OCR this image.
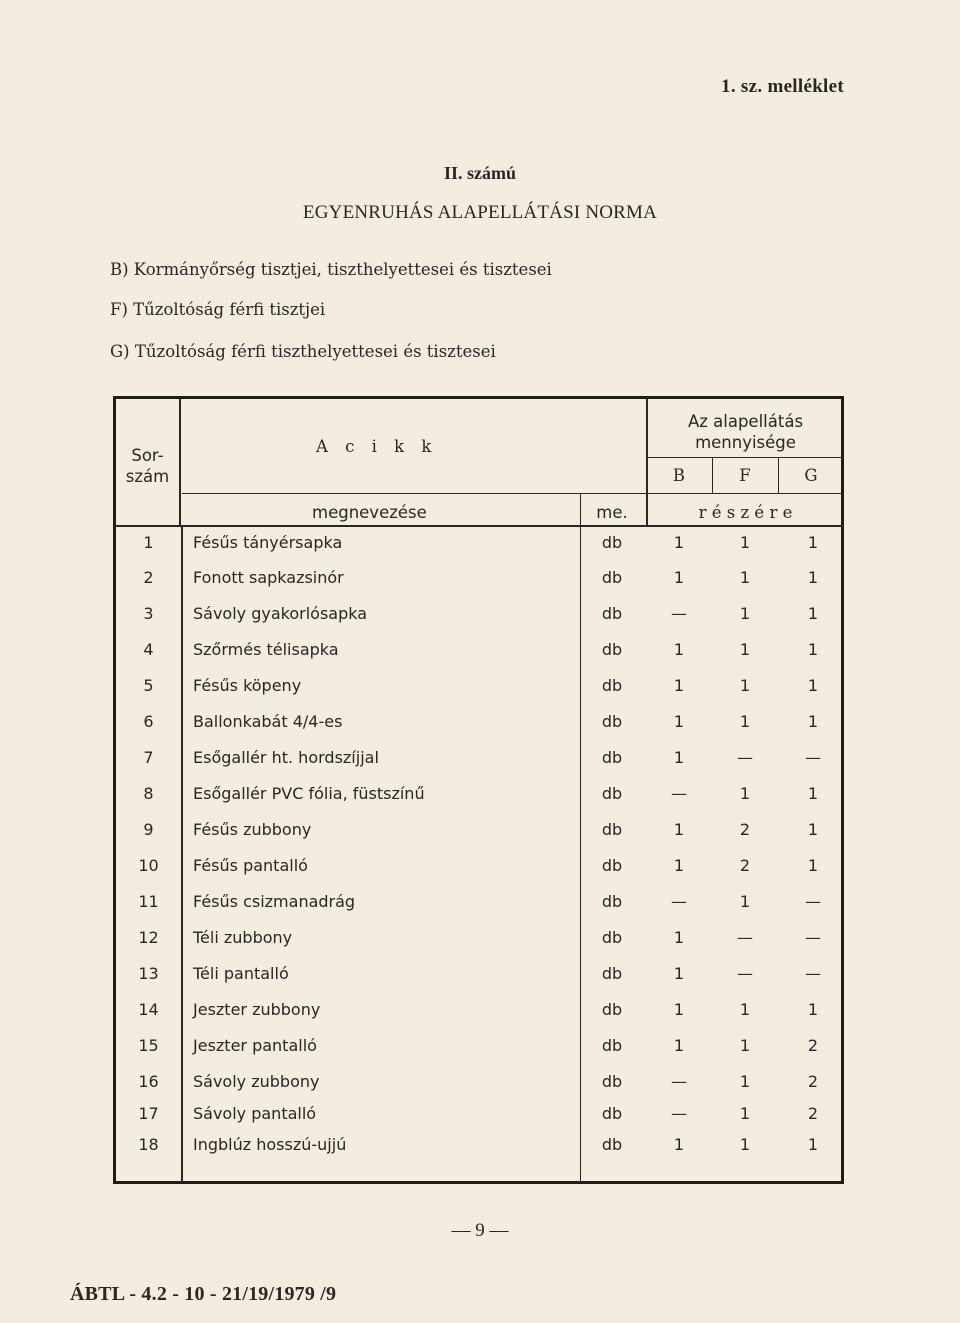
1. sz. melléklet
II. számú
EGYENRUHÁS ALAPELLÁTÁSI NORMA
B) Kormányőrség tisztjei, tiszthelyettesei és tisztesei
F) Tűzoltóság férfi tisztjei
G) Tűzoltóság férfi tiszthelyettesei és tisztesei
Sor-
szám
A c i k k
megnevezése	me.
Az alapellátás
mennyisége
B	F	G
r é s z é r e
1	Fésűs tányérsapka	db	1	1	1
2	Fonott sapkazsinór	db	1	1	1
3	Sávoly gyakorlósapka	db	—	1	1
4	Szőrmés télisapka	db	1	1	1
5	Fésűs köpeny	db	1	1	1
6	Ballonkabát 4/4-es	db	1	1	1
7	Esőgallér ht. hordszíjjal	db	1	—	—
8	Esőgallér PVC fólia, füstszínű	db	—	1	1
9	Fésűs zubbony	db	1	2	1
10	Fésűs pantalló	db	1	2	1
11	Fésűs csizmanadrág	db	—	1	—
12	Téli zubbony	db	1	—	—
13	Téli pantalló	db	1	—	—
14	Jeszter zubbony	db	1	1	1
15	Jeszter pantalló	db	1	1	2
16	Sávoly zubbony	db	—	1	2
17	Sávoly pantalló	db	—	1	2
18	Ingblúz hosszú-ujjú	db	1	1	1
— 9 —
ÁBTL - 4.2 - 10 - 21/19/1979 /9
